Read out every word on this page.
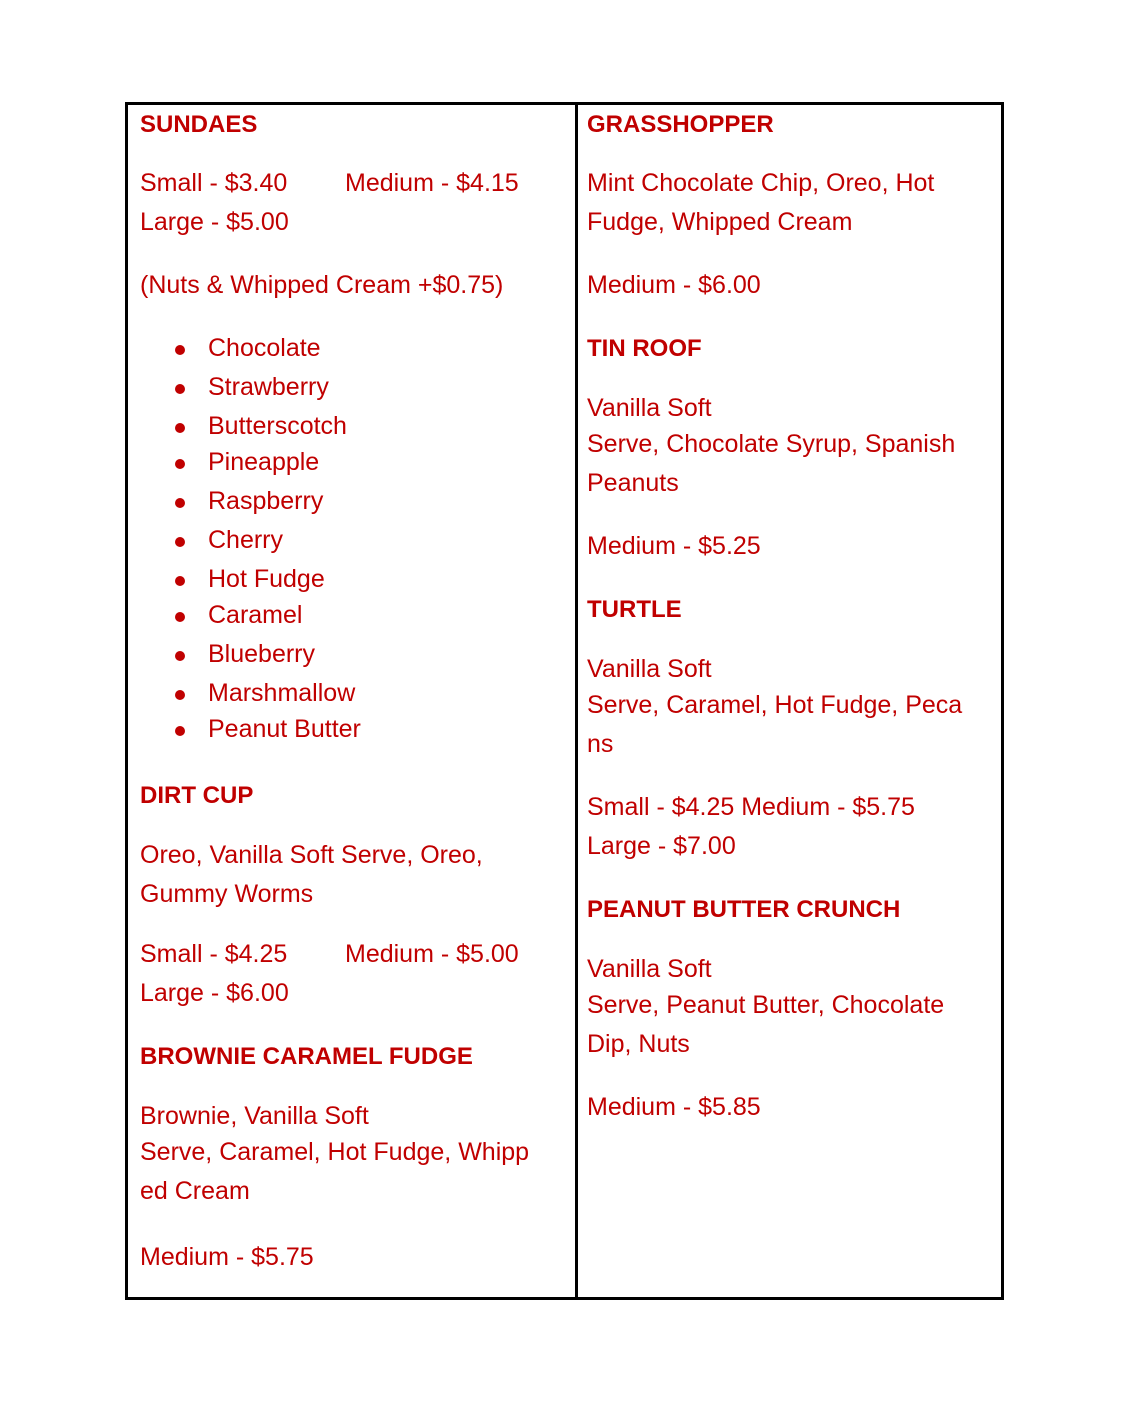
SUNDAES
Small - $3.40 Medium - $4.15
Large - $5.00
(Nuts & Whipped Cream +$0.75)
Chocolate
Strawberry
Butterscotch
Pineapple
Raspberry
Cherry
Hot Fudge
Caramel
Blueberry
Marshmallow
Peanut Butter
DIRT CUP
Oreo, Vanilla Soft Serve, Oreo,
Gummy Worms
Small - $4.25 Medium - $5.00
Large - $6.00
BROWNIE CARAMEL FUDGE
Brownie, Vanilla Soft
Serve, Caramel, Hot Fudge, Whipp
ed Cream
Medium - $5.75
GRASSHOPPER
Mint Chocolate Chip, Oreo, Hot
Fudge, Whipped Cream
Medium - $6.00
TIN ROOF
Vanilla Soft
Serve, Chocolate Syrup, Spanish
Peanuts
Medium - $5.25
TURTLE
Vanilla Soft
Serve, Caramel, Hot Fudge, Peca
ns
Small - $4.25 Medium - $5.75
Large - $7.00
PEANUT BUTTER CRUNCH
Vanilla Soft
Serve, Peanut Butter, Chocolate
Dip, Nuts
Medium - $5.85
